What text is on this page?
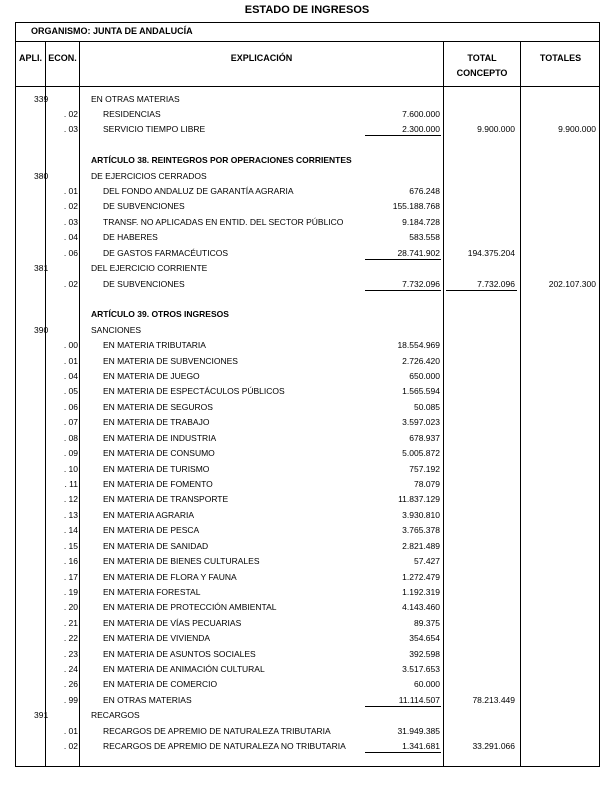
ESTADO DE INGRESOS
ORGANISMO: JUNTA DE ANDALUCÍA
APLI. ECON.	EXPLICACIÓN	TOTAL
CONCEPTO
TOTALES
339	EN OTRAS MATERIAS
. 02	RESIDENCIAS	7.600.000
. 03	SERVICIO TIEMPO LIBRE	2.300.000	9.900.000	9.900.000
ARTÍCULO 38. REINTEGROS POR OPERACIONES CORRIENTES
380	DE EJERCICIOS CERRADOS
. 01	DEL FONDO ANDALUZ DE GARANTÍA AGRARIA	676.248
. 02	DE SUBVENCIONES	155.188.768
. 03	TRANSF. NO APLICADAS EN ENTID. DEL SECTOR PÚBLICO	9.184.728
. 04	DE HABERES	583.558
. 06	DE GASTOS FARMACÉUTICOS	28.741.902	194.375.204
381	DEL EJERCICIO CORRIENTE
. 02	DE SUBVENCIONES	7.732.096	7.732.096	202.107.300
ARTÍCULO 39. OTROS INGRESOS
390	SANCIONES
. 00	EN MATERIA TRIBUTARIA	18.554.969
. 01	EN MATERIA DE SUBVENCIONES	2.726.420
. 04	EN MATERIA DE JUEGO	650.000
. 05	EN MATERIA DE ESPECTÁCULOS PÚBLICOS	1.565.594
. 06	EN MATERIA DE SEGUROS	50.085
. 07	EN MATERIA DE TRABAJO	3.597.023
. 08	EN MATERIA DE INDUSTRIA	678.937
. 09	EN MATERIA DE CONSUMO	5.005.872
. 10	EN MATERIA DE TURISMO	757.192
. 11	EN MATERIA DE FOMENTO	78.079
. 12	EN MATERIA DE TRANSPORTE	11.837.129
. 13	EN MATERIA AGRARIA	3.930.810
. 14	EN MATERIA DE PESCA	3.765.378
. 15	EN MATERIA DE SANIDAD	2.821.489
. 16	EN MATERIA DE BIENES CULTURALES	57.427
. 17	EN MATERIA DE FLORA Y FAUNA	1.272.479
. 19	EN MATERIA FORESTAL	1.192.319
. 20	EN MATERIA DE PROTECCIÓN AMBIENTAL	4.143.460
. 21	EN MATERIA DE VÍAS PECUARIAS	89.375
. 22	EN MATERIA DE VIVIENDA	354.654
. 23	EN MATERIA DE ASUNTOS SOCIALES	392.598
. 24	EN MATERIA DE ANIMACIÓN CULTURAL	3.517.653
. 26	EN MATERIA DE COMERCIO	60.000
. 99	EN OTRAS MATERIAS	11.114.507	78.213.449
391	RECARGOS
. 01	RECARGOS DE APREMIO DE NATURALEZA TRIBUTARIA	31.949.385
. 02	RECARGOS DE APREMIO DE NATURALEZA NO TRIBUTARIA	1.341.681	33.291.066
